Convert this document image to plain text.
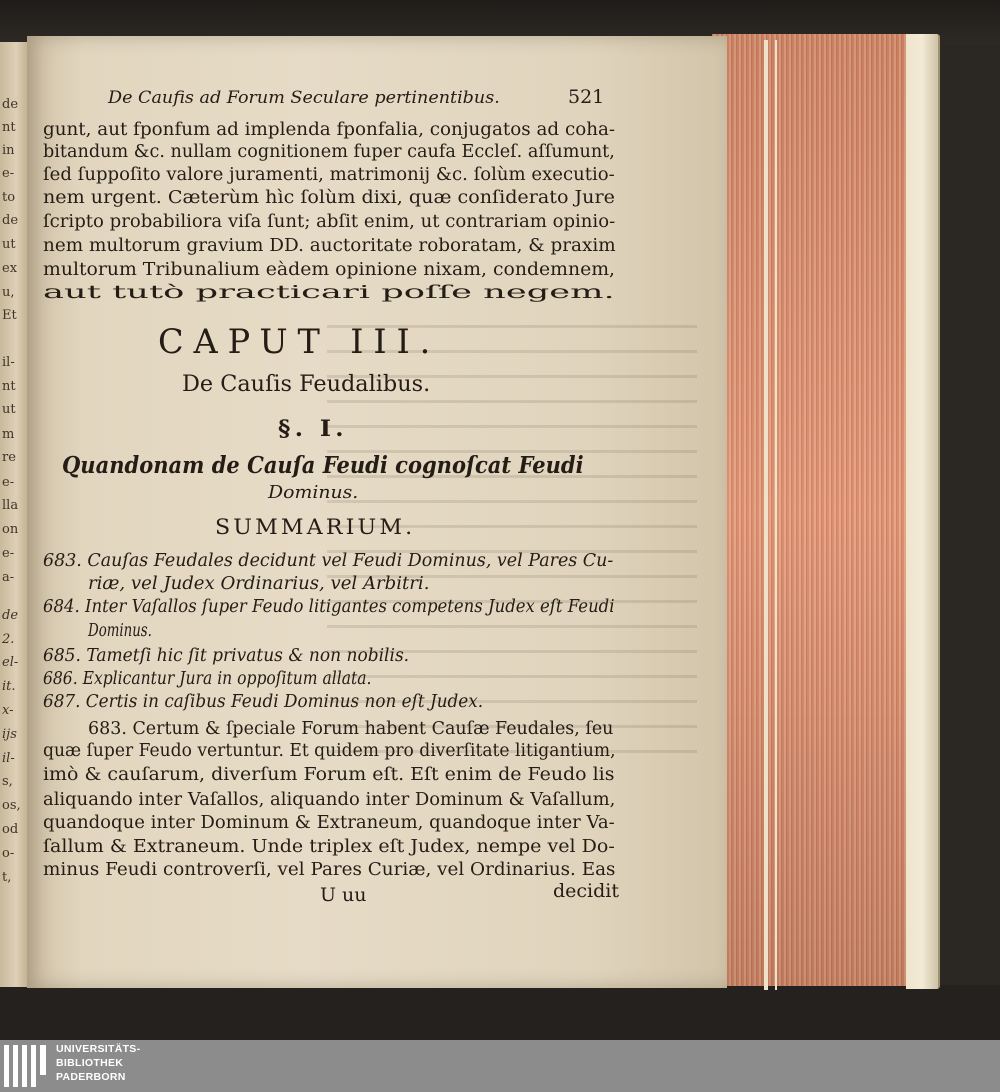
de
nt
in
e-
to
de
ut
ex
u,
Et
il-
nt
ut
m
re
e-
lla
on
e-
a-
de
2.
el-
it.
x-
ijs
il-
s,
os,
od
o-
t,
De Caufis ad Forum Seculare pertinentibus.	521
gunt, aut fponfum ad implenda fponfalia, conjugatos ad coha-
bitandum &c. nullam cognitionem fuper caufa Eccleſ. aſſumunt,
ſed ſuppoſito valore juramenti, matrimonij &c. ſolùm executio-
nem urgent. Cæterùm hìc ſolùm dixi, quæ conſiderato Jure
ſcripto probabiliora viſa ſunt; abſit enim, ut contrariam opinio-
nem multorum gravium DD. auctoritate roboratam, & praxim
multorum Tribunalium eàdem opinione nixam, condemnem,
aut tutò practicari poſſe negem.
CAPUT III.
De Cauſis Feudalibus.
§. I.
Quandonam de Cauſa Feudi cognoſcat Feudi
Dominus.
SUMMARIUM.
683. Cauſas Feudales decidunt vel Feudi Dominus, vel Pares Cu-
riæ, vel Judex Ordinarius, vel Arbitri.
684. Inter Vaſallos ſuper Feudo litigantes competens Judex eſt Feudi
Dominus.
685. Tametſi hic ſit privatus & non nobilis.
686. Explicantur Jura in oppoſitum allata.
687. Certis in caſibus Feudi Dominus non eſt Judex.
683. Certum & ſpeciale Forum habent Cauſæ Feudales, ſeu
quæ ſuper Feudo vertuntur. Et quidem pro diverſitate litigantium,
imò & cauſarum, diverſum Forum eſt. Eſt enim de Feudo lis
aliquando inter Vaſallos, aliquando inter Dominum & Vaſallum,
quandoque inter Dominum & Extraneum, quandoque inter Va-
ſallum & Extraneum. Unde triplex eſt Judex, nempe vel Do-
minus Feudi controverſi, vel Pares Curiæ, vel Ordinarius. Eas
U uu	decidit
UNIVERSITÄTS-
BIBLIOTHEK
PADERBORN
